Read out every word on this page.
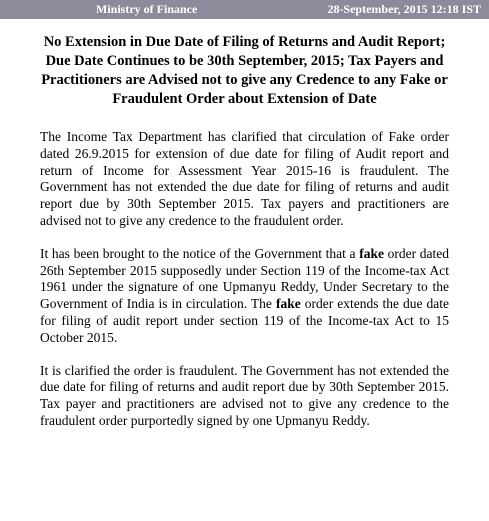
Ministry of Finance	28-September, 2015 12:18 IST
No Extension in Due Date of Filing of Returns and Audit Report; Due Date Continues to be 30th September, 2015; Tax Payers and Practitioners are Advised not to give any Credence to any Fake or Fraudulent Order about Extension of Date

The Income Tax Department has clarified that circulation of Fake order dated 26.9.2015 for extension of due date for filing of Audit report and return of Income for Assessment Year 2015-16 is fraudulent. The Government has not extended the due date for filing of returns and audit report due by 30th September 2015. Tax payers and practitioners are advised not to give any credence to the fraudulent order.

It has been brought to the notice of the Government that a fake order dated 26th September 2015 supposedly under Section 119 of the Income-tax Act 1961 under the signature of one Upmanyu Reddy, Under Secretary to the Government of India is in circulation. The fake order extends the due date for filing of audit report under section 119 of the Income-tax Act to 15 October 2015.

It is clarified the order is fraudulent. The Government has not extended the due date for filing of returns and audit report due by 30th September 2015. Tax payer and practitioners are advised not to give any credence to the fraudulent order purportedly signed by one Upmanyu Reddy.
